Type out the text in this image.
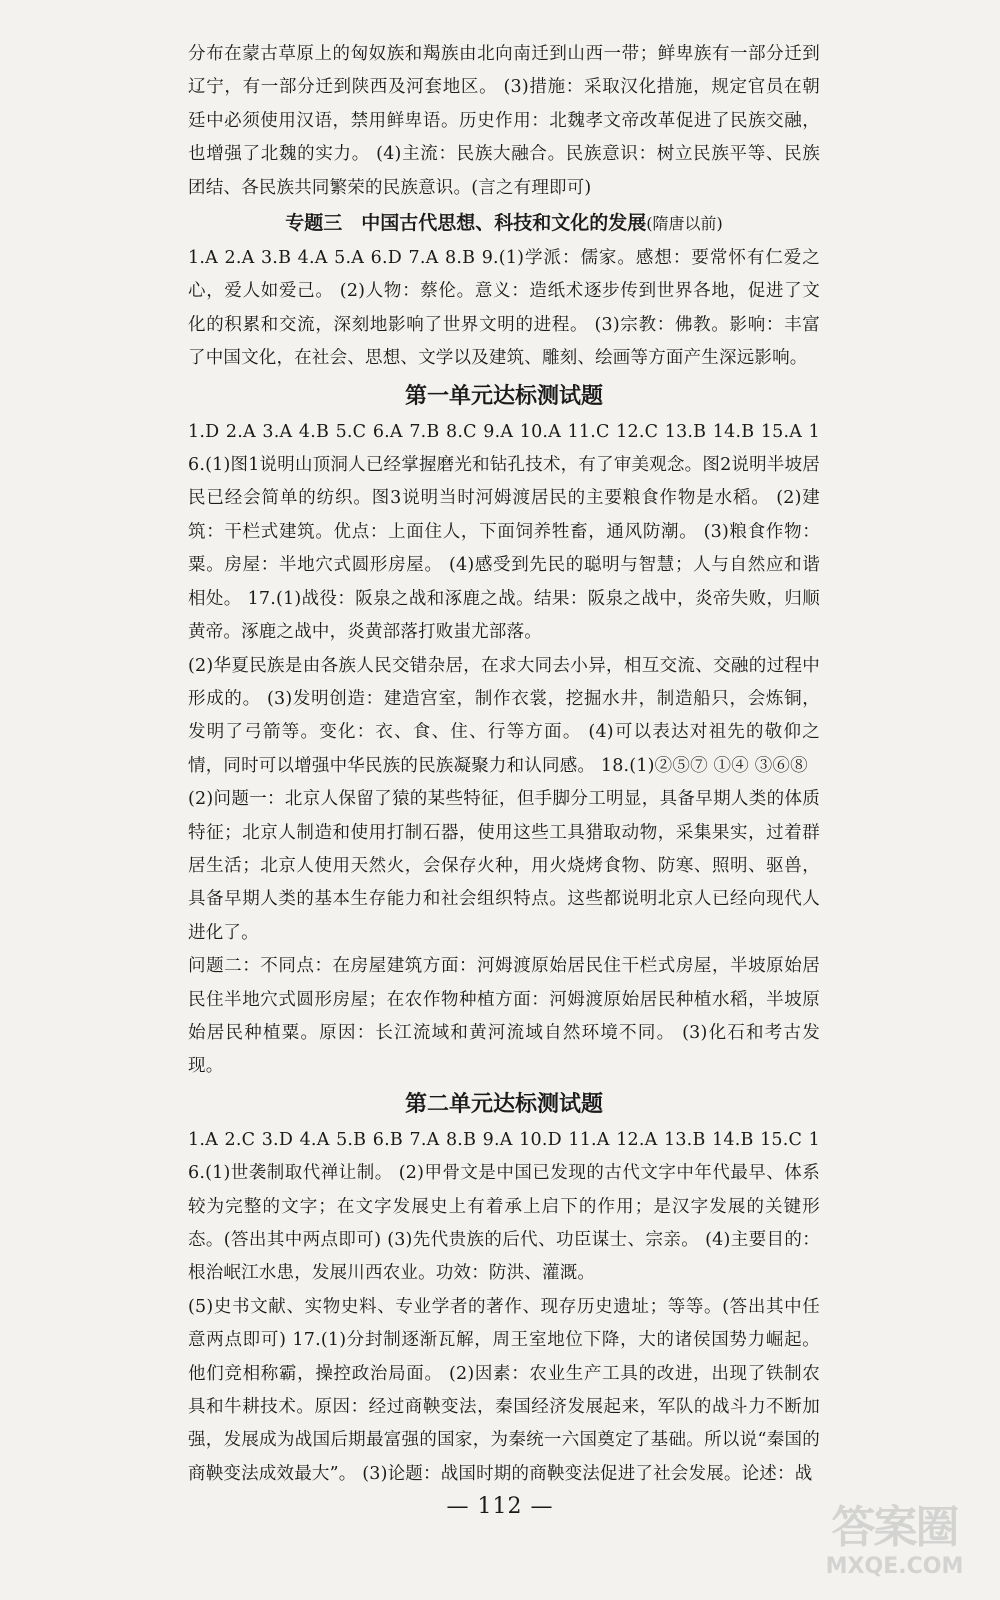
分布在蒙古草原上的匈奴族和羯族由北向南迁到山西一带；鲜卑族有一部分迁到辽宁，有一部分迁到陕西及河套地区。 (3)措施：采取汉化措施，规定官员在朝廷中必须使用汉语，禁用鲜卑语。历史作用：北魏孝文帝改革促进了民族交融，也增强了北魏的实力。 (4)主流：民族大融合。民族意识：树立民族平等、民族团结、各民族共同繁荣的民族意识。(言之有理即可)

专题三　中国古代思想、科技和文化的发展(隋唐以前)

1.A 2.A 3.B 4.A 5.A 6.D 7.A 8.B 9.(1)学派：儒家。感想：要常怀有仁爱之心，爱人如爱己。 (2)人物：蔡伦。意义：造纸术逐步传到世界各地，促进了文化的积累和交流，深刻地影响了世界文明的进程。 (3)宗教：佛教。影响：丰富了中国文化，在社会、思想、文学以及建筑、雕刻、绘画等方面产生深远影响。

第一单元达标测试题

1.D 2.A 3.A 4.B 5.C 6.A 7.B 8.C 9.A 10.A 11.C 12.C 13.B 14.B 15.A 16.(1)图1说明山顶洞人已经掌握磨光和钻孔技术，有了审美观念。图2说明半坡居民已经会简单的纺织。图3说明当时河姆渡居民的主要粮食作物是水稻。 (2)建筑：干栏式建筑。优点：上面住人，下面饲养牲畜，通风防潮。 (3)粮食作物：粟。房屋：半地穴式圆形房屋。 (4)感受到先民的聪明与智慧；人与自然应和谐相处。 17.(1)战役：阪泉之战和涿鹿之战。结果：阪泉之战中，炎帝失败，归顺黄帝。涿鹿之战中，炎黄部落打败蚩尤部落。

(2)华夏民族是由各族人民交错杂居，在求大同去小异，相互交流、交融的过程中形成的。 (3)发明创造：建造宫室，制作衣裳，挖掘水井，制造船只，会炼铜，发明了弓箭等。变化：衣、食、住、行等方面。 (4)可以表达对祖先的敬仰之情，同时可以增强中华民族的民族凝聚力和认同感。 18.(1)②⑤⑦ ①④ ③⑥⑧

(2)问题一：北京人保留了猿的某些特征，但手脚分工明显，具备早期人类的体质特征；北京人制造和使用打制石器，使用这些工具猎取动物，采集果实，过着群居生活；北京人使用天然火，会保存火种，用火烧烤食物、防寒、照明、驱兽，具备早期人类的基本生存能力和社会组织特点。这些都说明北京人已经向现代人进化了。

问题二：不同点：在房屋建筑方面：河姆渡原始居民住干栏式房屋，半坡原始居民住半地穴式圆形房屋；在农作物种植方面：河姆渡原始居民种植水稻，半坡原始居民种植粟。原因：长江流域和黄河流域自然环境不同。 (3)化石和考古发现。

第二单元达标测试题

1.A 2.C 3.D 4.A 5.B 6.B 7.A 8.B 9.A 10.D 11.A 12.A 13.B 14.B 15.C 16.(1)世袭制取代禅让制。 (2)甲骨文是中国已发现的古代文字中年代最早、体系较为完整的文字；在文字发展史上有着承上启下的作用；是汉字发展的关键形态。(答出其中两点即可) (3)先代贵族的后代、功臣谋士、宗亲。 (4)主要目的：根治岷江水患，发展川西农业。功效：防洪、灌溉。

(5)史书文献、实物史料、专业学者的著作、现存历史遗址；等等。(答出其中任意两点即可) 17.(1)分封制逐渐瓦解，周王室地位下降，大的诸侯国势力崛起。他们竞相称霸，操控政治局面。 (2)因素：农业生产工具的改进，出现了铁制农具和牛耕技术。原因：经过商鞅变法，秦国经济发展起来，军队的战斗力不断加强，发展成为战国后期最富强的国家，为秦统一六国奠定了基础。所以说“秦国的商鞅变法成效最大”。 (3)论题：战国时期的商鞅变法促进了社会发展。论述：战

— 112 —	答案圈
MXQE.COM
